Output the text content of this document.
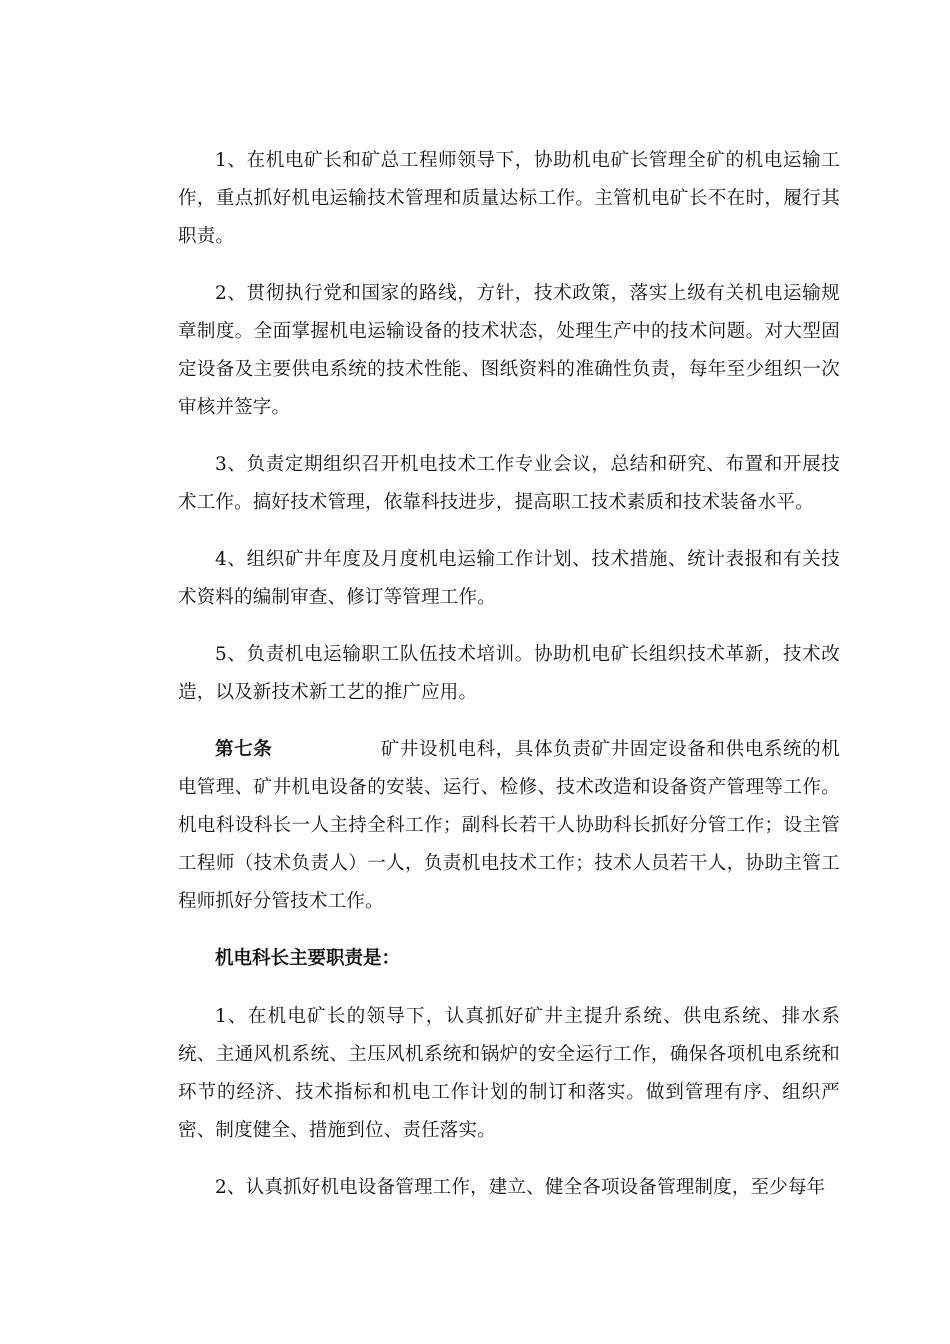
1、在机电矿长和矿总工程师领导下，协助机电矿长管理全矿的机电运输工作，重点抓好机电运输技术管理和质量达标工作。主管机电矿长不在时，履行其职责。

2、贯彻执行党和国家的路线，方针，技术政策，落实上级有关机电运输规章制度。全面掌握机电运输设备的技术状态，处理生产中的技术问题。对大型固定设备及主要供电系统的技术性能、图纸资料的准确性负责，每年至少组织一次审核并签字。

3、负责定期组织召开机电技术工作专业会议，总结和研究、布置和开展技术工作。搞好技术管理，依靠科技进步，提高职工技术素质和技术装备水平。

4、组织矿井年度及月度机电运输工作计划、技术措施、统计表报和有关技术资料的编制审查、修订等管理工作。

5、负责机电运输职工队伍技术培训。协助机电矿长组织技术革新，技术改造，以及新技术新工艺的推广应用。

第七条	矿井设机电科，具体负责矿井固定设备和供电系统的机电管理、矿井机电设备的安装、运行、检修、技术改造和设备资产管理等工作。机电科设科长一人主持全科工作；副科长若干人协助科长抓好分管工作；设主管工程师（技术负责人）一人，负责机电技术工作；技术人员若干人，协助主管工程师抓好分管技术工作。

机电科长主要职责是：

1、在机电矿长的领导下，认真抓好矿井主提升系统、供电系统、排水系统、主通风机系统、主压风机系统和锅炉的安全运行工作，确保各项机电系统和环节的经济、技术指标和机电工作计划的制订和落实。做到管理有序、组织严密、制度健全、措施到位、责任落实。

2、认真抓好机电设备管理工作，建立、健全各项设备管理制度，至少每年
